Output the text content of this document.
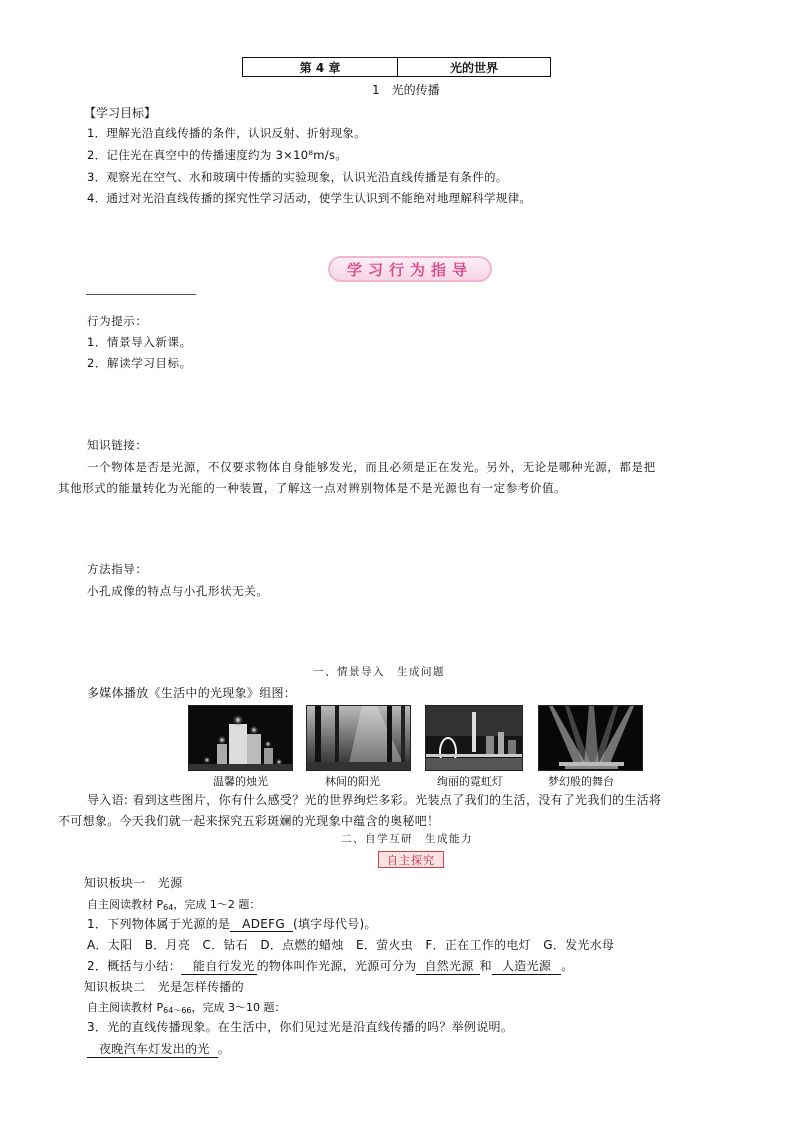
第 4 章	光的世界
1　光的传播
【学习目标】
1．理解光沿直线传播的条件，认识反射、折射现象。
2．记住光在真空中的传播速度约为 3×10⁸m/s。
3．观察光在空气、水和玻璃中传播的实验现象，认识光沿直线传播是有条件的。
4．通过对光沿直线传播的探究性学习活动，使学生认识到不能绝对地理解科学规律。
学习行为指导
行为提示：
1．情景导入新课。
2．解读学习目标。
知识链接：
一个物体是否是光源，不仅要求物体自身能够发光，而且必须是正在发光。另外，无论是哪种光源，都是把
其他形式的能量转化为光能的一种装置，了解这一点对辨别物体是不是光源也有一定参考价值。
方法指导：
小孔成像的特点与小孔形状无关。
一、情景导入　生成问题
多媒体播放《生活中的光现象》组图：
温馨的烛光	林间的阳光	绚丽的霓虹灯	梦幻般的舞台
导入语: 看到这些图片，你有什么感受？光的世界绚烂多彩。光装点了我们的生活，没有了光我们的生活将
不可想象。今天我们就一起来探究五彩斑斓的光现象中蕴含的奥秘吧！
二、自学互研　生成能力
自主探究
知识板块一　光源
自主阅读教材 $P_{64}$，完成 1～2 题：
1．下列物体属于光源的是 ADEFG (填字母代号)。
A．太阳　B．月亮　C．钻石　D．点燃的蜡烛　E．萤火虫　F．正在工作的电灯　G．发光水母
2．概括与小结： 能自行发光 的物体叫作光源，光源可分为 自然光源 和 人造光源 。
知识板块二　光是怎样传播的
自主阅读教材 $P_{64\sim 66}$，完成 3～10 题：
3．光的直线传播现象。在生活中，你们见过光是沿直线传播的吗？举例说明。
夜晚汽车灯发出的光 。
